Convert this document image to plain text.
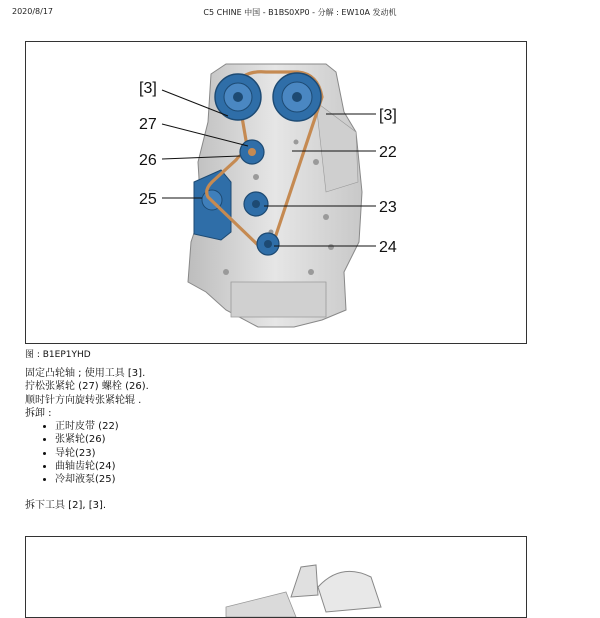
2020/8/17	C5 CHINE 中国 - B1BS0XP0 - 分解 : EW10A 发动机
[3]
27
26
25
[3]
22
23
24
图 : B1EP1YHD

固定凸轮轴 ; 使用工具 [3].

拧松张紧轮 (27) 螺栓 (26).

顺时针方向旋转张紧轮辊 .

拆卸 :

• 正时皮带 (22)
• 张紧轮(26)
• 导轮(23)
• 曲轴齿轮(24)
• 冷却液泵(25)
拆下工具 [2], [3].
